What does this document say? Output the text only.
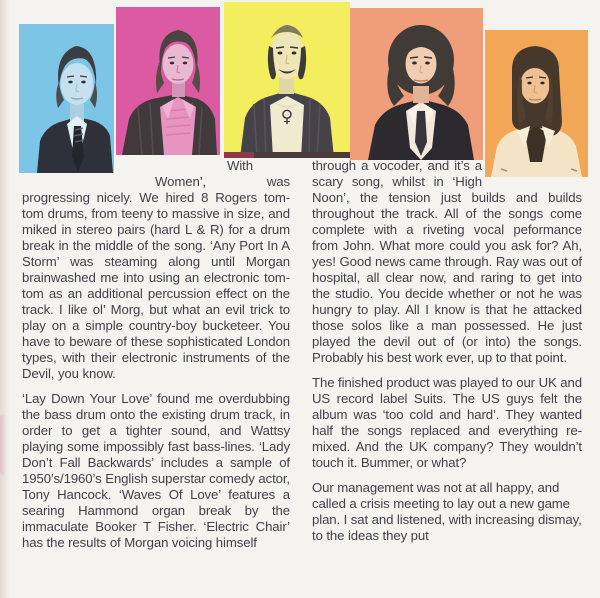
♀

With Women’, was progressing nicely. We hired 8 Rogers tom-tom drums, from teeny to massive in size, and miked in stereo pairs (hard L & R) for a drum break in the middle of the song. ‘Any Port In A Storm’ was steaming along until Morgan brainwashed me into using an electronic tom-tom as an additional percussion effect on the track. I like ol’ Morg, but what an evil trick to play on a simple country-boy bucketeer. You have to beware of these sophisticated London types, with their electronic instruments of the Devil, you know.

‘Lay Down Your Love’ found me overdubbing the bass drum onto the existing drum track, in order to get a tighter sound, and Wattsy playing some impossibly fast bass-lines. ‘Lady Don’t Fall Backwards’ includes a sample of 1950’s/1960’s English superstar comedy actor, Tony Hancock. ‘Waves Of Love’ features a searing Hammond organ break by the immaculate Booker T Fisher. ‘Electric Chair’ has the results of Morgan voicing himself

through a vocoder, and it’s a scary song, whilst in ‘High Noon’, the tension just builds and builds throughout the track. All of the songs come complete with a riveting vocal peformance from John. What more could you ask for? Ah, yes! Good news came through. Ray was out of hospital, all clear now, and raring to get into the studio. You decide whether or not he was hungry to play. All I know is that he attacked those solos like a man possessed. He just played the devil out of (or into) the songs. Probably his best work ever, up to that point.

The finished product was played to our UK and US record label Suits. The US guys felt the album was ‘too cold and hard’. They wanted half the songs replaced and everything re-mixed. And the UK company? They wouldn’t touch it. Bummer, or what?

Our management was not at all happy, and called a crisis meeting to lay out a new game plan. I sat and listened, with increasing dismay, to the ideas they put
